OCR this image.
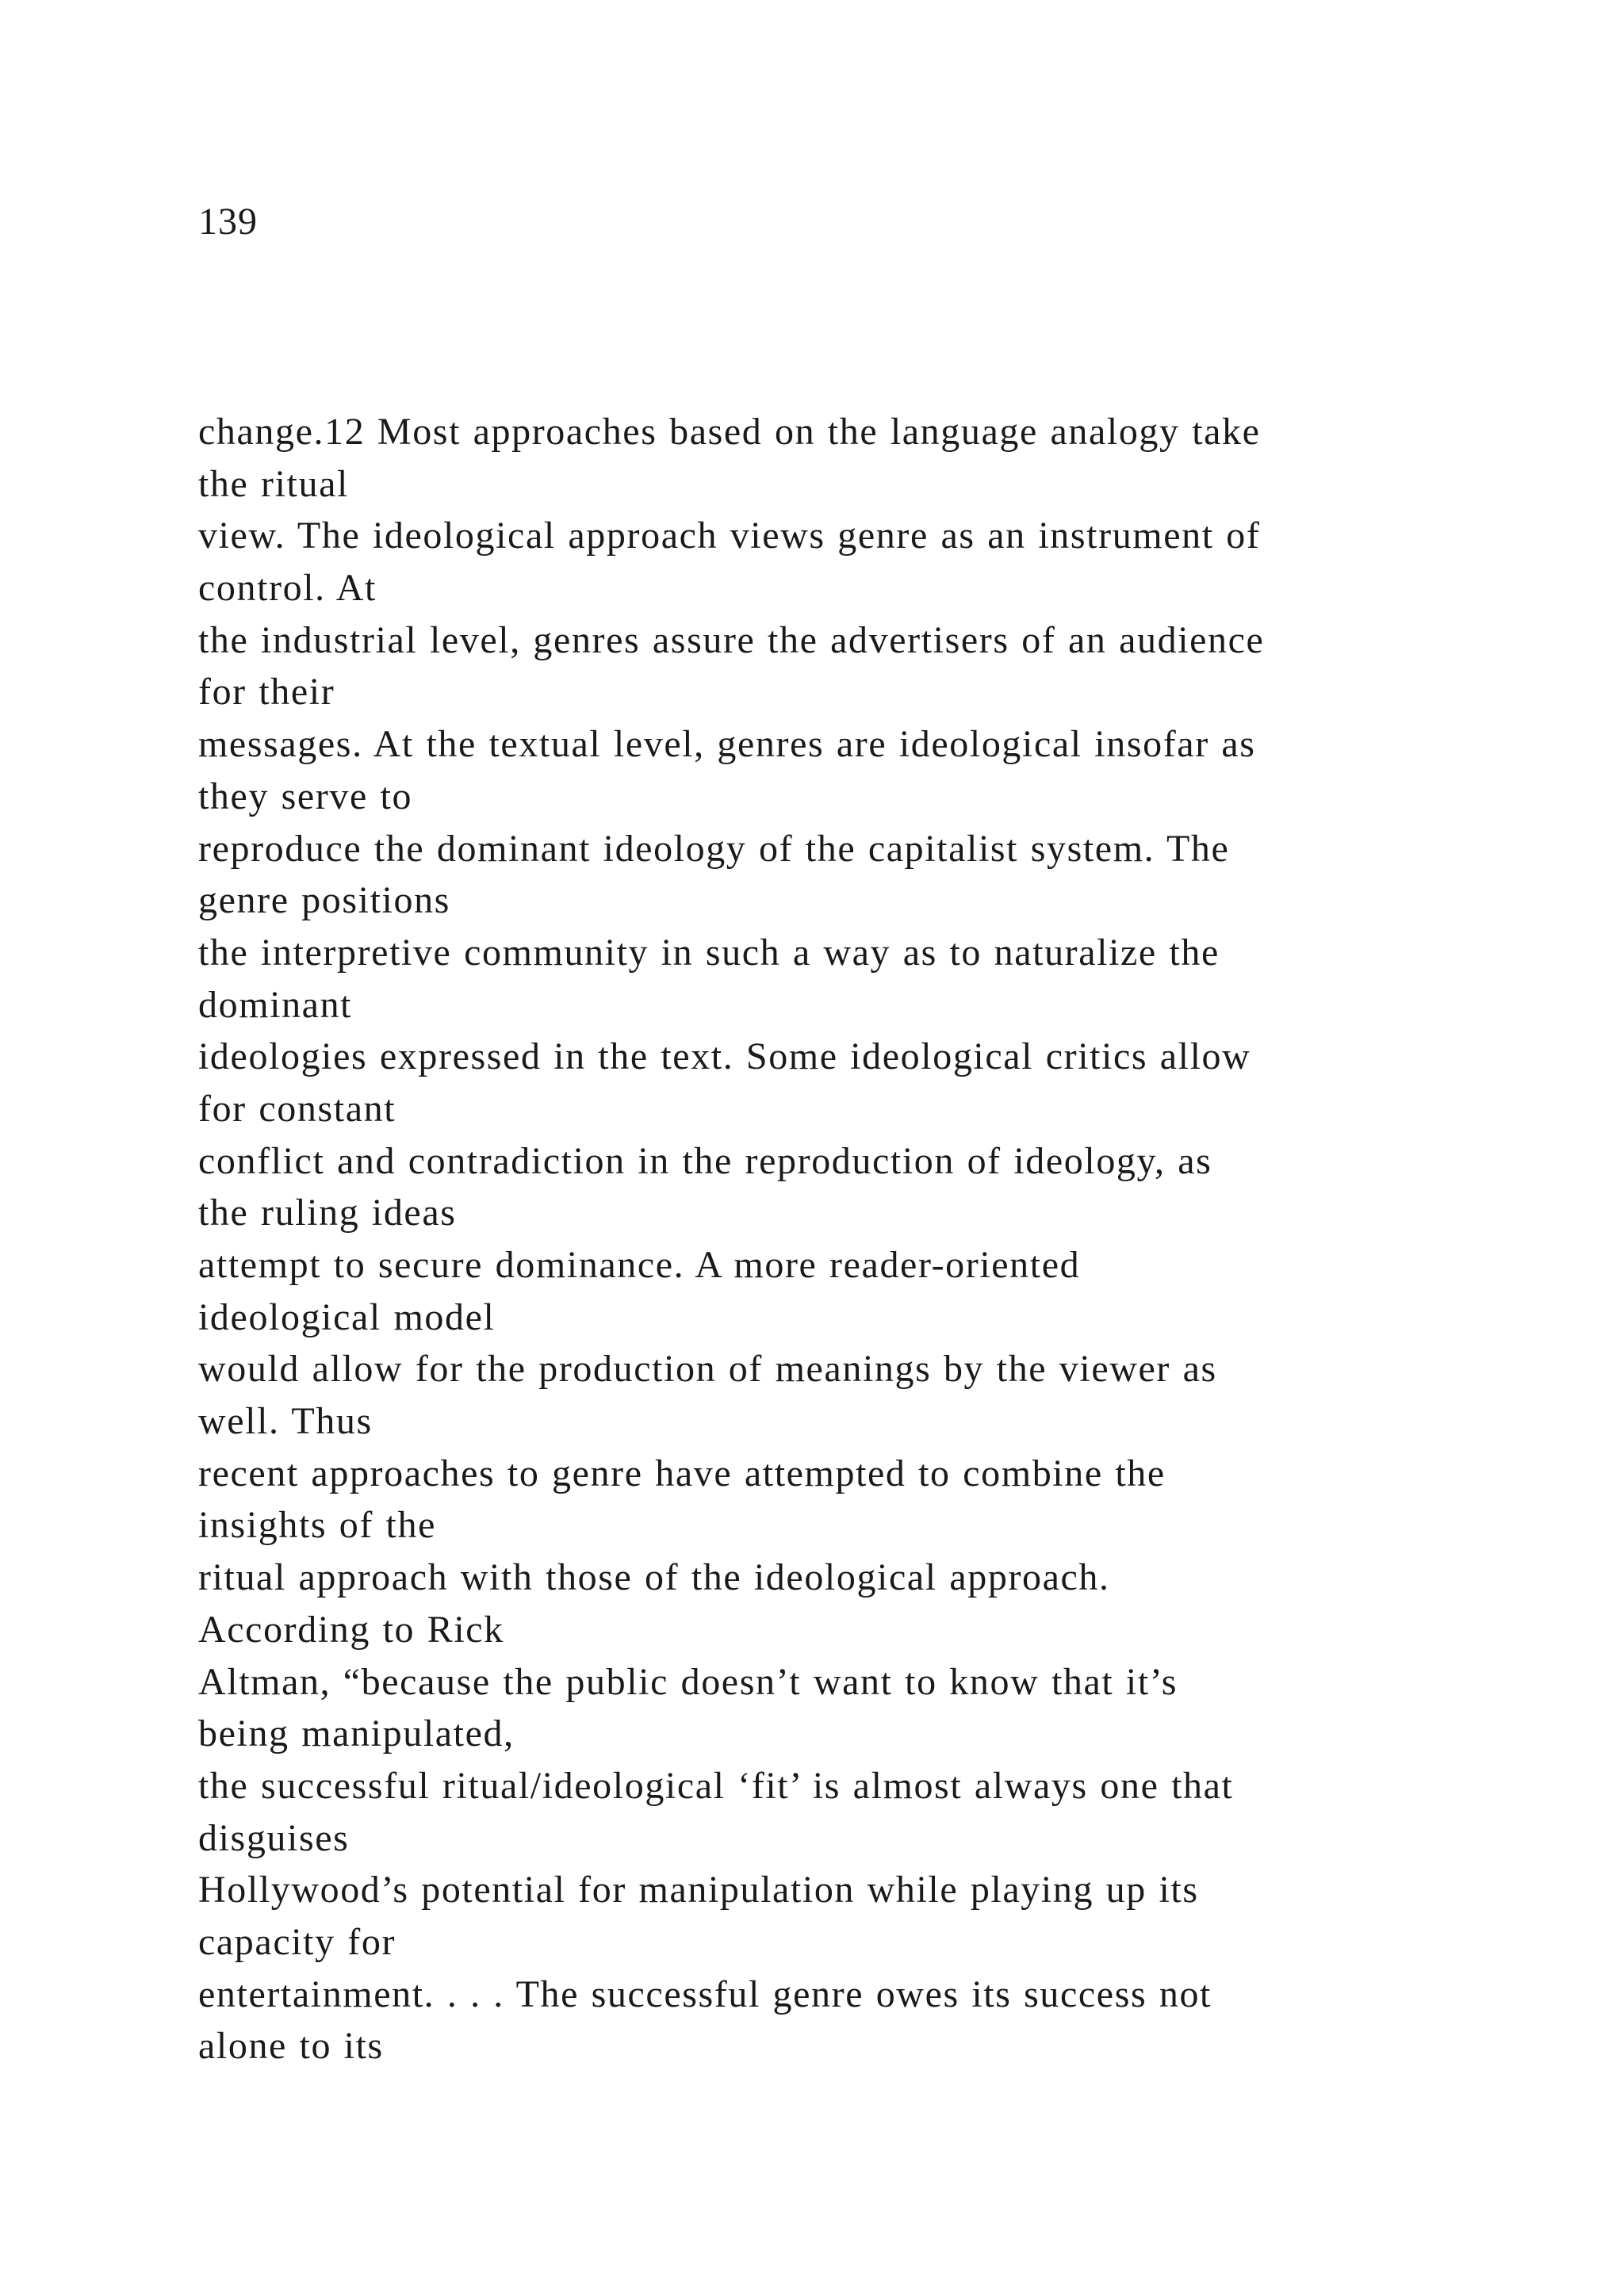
139
change.12 Most approaches based on the language analogy take
the ritual
view. The ideological approach views genre as an instrument of
control. At
the industrial level, genres assure the advertisers of an audience
for their
messages. At the textual level, genres are ideological insofar as
they serve to
reproduce the dominant ideology of the capitalist system. The
genre positions
the interpretive community in such a way as to naturalize the
dominant
ideologies expressed in the text. Some ideological critics allow
for constant
conflict and contradiction in the reproduction of ideology, as
the ruling ideas
attempt to secure dominance. A more reader-oriented
ideological model
would allow for the production of meanings by the viewer as
well. Thus
recent approaches to genre have attempted to combine the
insights of the
ritual approach with those of the ideological approach.
According to Rick
Altman, “because the public doesn’t want to know that it’s
being manipulated,
the successful ritual/ideological ‘fit’ is almost always one that
disguises
Hollywood’s potential for manipulation while playing up its
capacity for
entertainment. . . . The successful genre owes its success not
alone to its
